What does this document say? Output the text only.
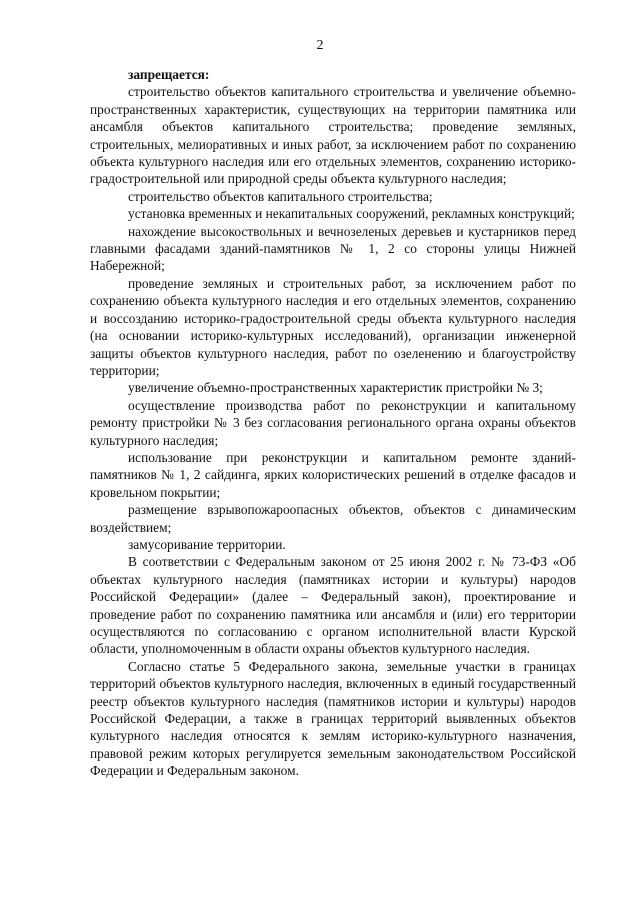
2

запрещается:

строительство объектов капитального строительства и увеличение объемно-пространственных характеристик, существующих на территории памятника или ансамбля объектов капитального строительства; проведение земляных, строительных, мелиоративных и иных работ, за исключением работ по сохранению объекта культурного наследия или его отдельных элементов, сохранению историко-градостроительной или природной среды объекта культурного наследия;

строительство объектов капитального строительства;

установка временных и некапитальных сооружений, рекламных конструкций;

нахождение высокоствольных и вечнозеленых деревьев и кустарников перед главными фасадами зданий-памятников № 1, 2 со стороны улицы Нижней Набережной;

проведение земляных и строительных работ, за исключением работ по сохранению объекта культурного наследия и его отдельных элементов, сохранению и воссозданию историко-градостроительной среды объекта культурного наследия (на основании историко-культурных исследований), организации инженерной защиты объектов культурного наследия, работ по озеленению и благоустройству территории;

увеличение объемно-пространственных характеристик пристройки № 3;

осуществление производства работ по реконструкции и капитальному ремонту пристройки № 3 без согласования регионального органа охраны объектов культурного наследия;

использование при реконструкции и капитальном ремонте зданий-памятников № 1, 2 сайдинга, ярких колористических решений в отделке фасадов и кровельном покрытии;

размещение взрывопожароопасных объектов, объектов с динамическим воздействием;

замусоривание территории.

В соответствии с Федеральным законом от 25 июня 2002 г. № 73-ФЗ «Об объектах культурного наследия (памятниках истории и культуры) народов Российской Федерации» (далее – Федеральный закон), проектирование и проведение работ по сохранению памятника или ансамбля и (или) его территории осуществляются по согласованию с органом исполнительной власти Курской области, уполномоченным в области охраны объектов культурного наследия.

Согласно статье 5 Федерального закона, земельные участки в границах территорий объектов культурного наследия, включенных в единый государственный реестр объектов культурного наследия (памятников истории и культуры) народов Российской Федерации, а также в границах территорий выявленных объектов культурного наследия относятся к землям историко-культурного назначения, правовой режим которых регулируется земельным законодательством Российской Федерации и Федеральным законом.
